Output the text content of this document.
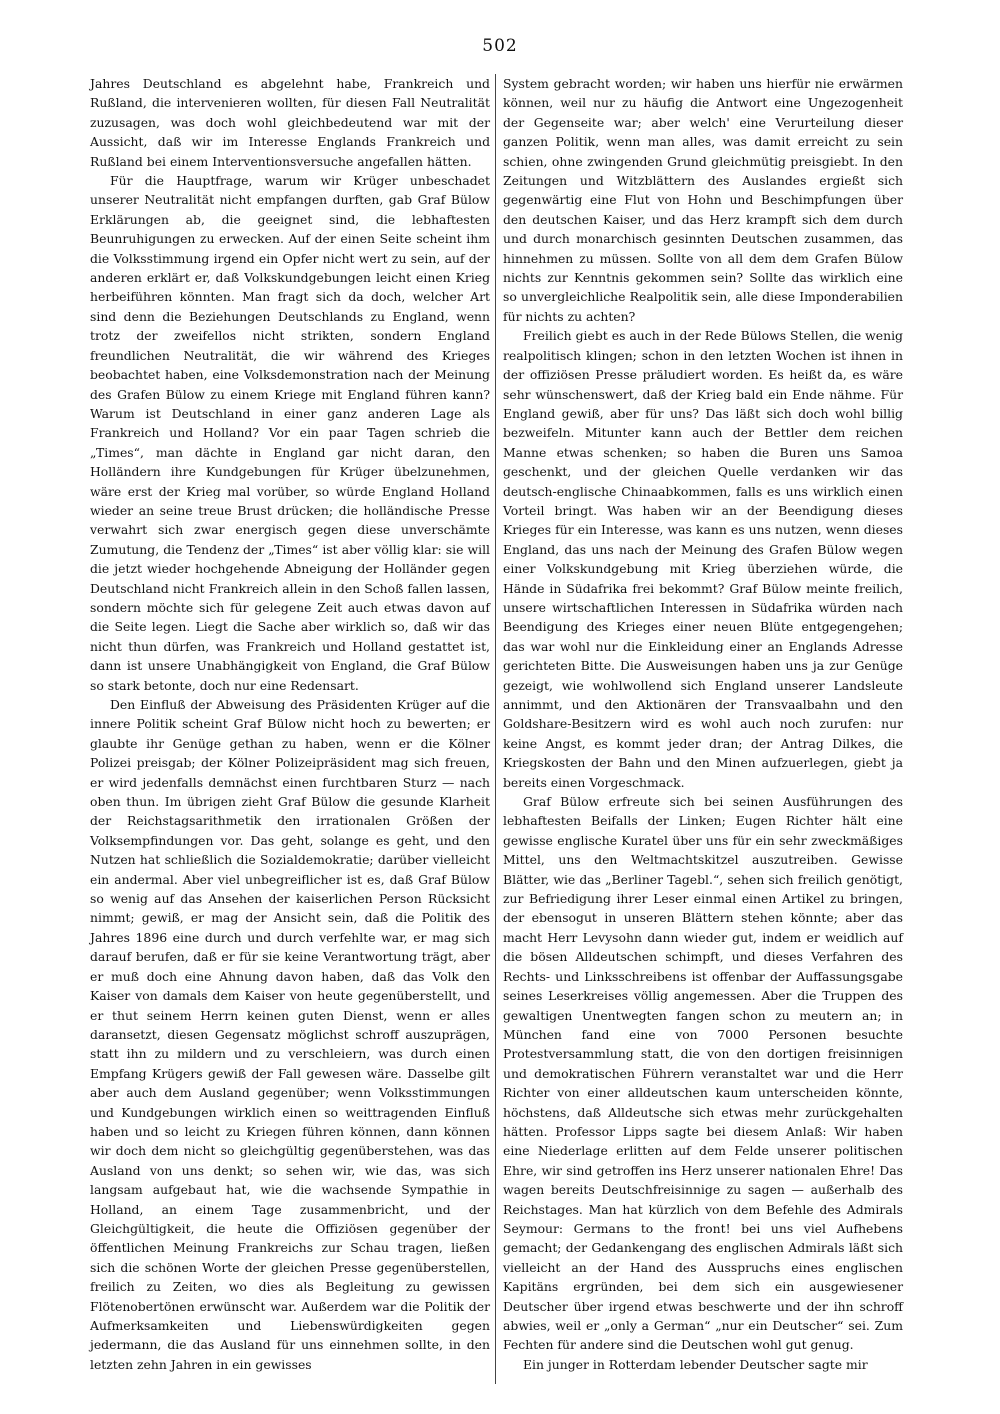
502

Jahres Deutschland es abgelehnt habe, Frankreich und Rußland, die intervenieren wollten, für diesen Fall Neutralität zuzusagen, was doch wohl gleichbedeutend war mit der Aussicht, daß wir im Interesse Englands Frankreich und Rußland bei einem Interventionsversuche angefallen hätten.

Für die Hauptfrage, warum wir Krüger unbeschadet unserer Neutralität nicht empfangen durften, gab Graf Bülow Erklärungen ab, die geeignet sind, die lebhaftesten Beunruhigungen zu erwecken. Auf der einen Seite scheint ihm die Volksstimmung irgend ein Opfer nicht wert zu sein, auf der anderen erklärt er, daß Volkskundgebungen leicht einen Krieg herbeiführen könnten. Man fragt sich da doch, welcher Art sind denn die Beziehungen Deutschlands zu England, wenn trotz der zweifellos nicht strikten, sondern England freundlichen Neutralität, die wir während des Krieges beobachtet haben, eine Volksdemonstration nach der Meinung des Grafen Bülow zu einem Kriege mit England führen kann? Warum ist Deutschland in einer ganz anderen Lage als Frankreich und Holland? Vor ein paar Tagen schrieb die „Times“, man dächte in England gar nicht daran, den Holländern ihre Kundgebungen für Krüger übelzunehmen, wäre erst der Krieg mal vorüber, so würde England Holland wieder an seine treue Brust drücken; die holländische Presse verwahrt sich zwar energisch gegen diese unverschämte Zumutung, die Tendenz der „Times“ ist aber völlig klar: sie will die jetzt wieder hochgehende Abneigung der Holländer gegen Deutschland nicht Frankreich allein in den Schoß fallen lassen, sondern möchte sich für gelegene Zeit auch etwas davon auf die Seite legen. Liegt die Sache aber wirklich so, daß wir das nicht thun dürfen, was Frankreich und Holland gestattet ist, dann ist unsere Unabhängigkeit von England, die Graf Bülow so stark betonte, doch nur eine Redensart.

Den Einfluß der Abweisung des Präsidenten Krüger auf die innere Politik scheint Graf Bülow nicht hoch zu bewerten; er glaubte ihr Genüge gethan zu haben, wenn er die Kölner Polizei preisgab; der Kölner Polizeipräsident mag sich freuen, er wird jedenfalls demnächst einen furchtbaren Sturz — nach oben thun. Im übrigen zieht Graf Bülow die gesunde Klarheit der Reichstagsarithmetik den irrationalen Größen der Volksempfindungen vor. Das geht, solange es geht, und den Nutzen hat schließlich die Sozialdemokratie; darüber vielleicht ein andermal. Aber viel unbegreiflicher ist es, daß Graf Bülow so wenig auf das Ansehen der kaiserlichen Person Rücksicht nimmt; gewiß, er mag der Ansicht sein, daß die Politik des Jahres 1896 eine durch und durch verfehlte war, er mag sich darauf berufen, daß er für sie keine Verantwortung trägt, aber er muß doch eine Ahnung davon haben, daß das Volk den Kaiser von damals dem Kaiser von heute gegenüberstellt, und er thut seinem Herrn keinen guten Dienst, wenn er alles daransetzt, diesen Gegensatz möglichst schroff auszuprägen, statt ihn zu mildern und zu verschleiern, was durch einen Empfang Krügers gewiß der Fall gewesen wäre. Dasselbe gilt aber auch dem Ausland gegenüber; wenn Volksstimmungen und Kundgebungen wirklich einen so weittragenden Einfluß haben und so leicht zu Kriegen führen können, dann können wir doch dem nicht so gleichgültig gegenüberstehen, was das Ausland von uns denkt; so sehen wir, wie das, was sich langsam aufgebaut hat, wie die wachsende Sympathie in Holland, an einem Tage zusammenbricht, und der Gleichgültigkeit, die heute die Offiziösen gegenüber der öffentlichen Meinung Frankreichs zur Schau tragen, ließen sich die schönen Worte der gleichen Presse gegenüberstellen, freilich zu Zeiten, wo dies als Begleitung zu gewissen Flötenobertönen erwünscht war. Außerdem war die Politik der Aufmerksamkeiten und Liebenswürdigkeiten gegen jedermann, die das Ausland für uns einnehmen sollte, in den letzten zehn Jahren in ein gewisses

System gebracht worden; wir haben uns hierfür nie erwärmen können, weil nur zu häufig die Antwort eine Ungezogenheit der Gegenseite war; aber welch' eine Verurteilung dieser ganzen Politik, wenn man alles, was damit erreicht zu sein schien, ohne zwingenden Grund gleichmütig preisgiebt. In den Zeitungen und Witzblättern des Auslandes ergießt sich gegenwärtig eine Flut von Hohn und Beschimpfungen über den deutschen Kaiser, und das Herz krampft sich dem durch und durch monarchisch gesinnten Deutschen zusammen, das hinnehmen zu müssen. Sollte von all dem dem Grafen Bülow nichts zur Kenntnis gekommen sein? Sollte das wirklich eine so unvergleichliche Realpolitik sein, alle diese Imponderabilien für nichts zu achten?

Freilich giebt es auch in der Rede Bülows Stellen, die wenig realpolitisch klingen; schon in den letzten Wochen ist ihnen in der offiziösen Presse präludiert worden. Es heißt da, es wäre sehr wünschenswert, daß der Krieg bald ein Ende nähme. Für England gewiß, aber für uns? Das läßt sich doch wohl billig bezweifeln. Mitunter kann auch der Bettler dem reichen Manne etwas schenken; so haben die Buren uns Samoa geschenkt, und der gleichen Quelle verdanken wir das deutsch-englische Chinaabkommen, falls es uns wirklich einen Vorteil bringt. Was haben wir an der Beendigung dieses Krieges für ein Interesse, was kann es uns nutzen, wenn dieses England, das uns nach der Meinung des Grafen Bülow wegen einer Volkskundgebung mit Krieg überziehen würde, die Hände in Südafrika frei bekommt? Graf Bülow meinte freilich, unsere wirtschaftlichen Interessen in Südafrika würden nach Beendigung des Krieges einer neuen Blüte entgegengehen; das war wohl nur die Einkleidung einer an Englands Adresse gerichteten Bitte. Die Ausweisungen haben uns ja zur Genüge gezeigt, wie wohlwollend sich England unserer Landsleute annimmt, und den Aktionären der Transvaalbahn und den Goldshare-Besitzern wird es wohl auch noch zurufen: nur keine Angst, es kommt jeder dran; der Antrag Dilkes, die Kriegskosten der Bahn und den Minen aufzuerlegen, giebt ja bereits einen Vorgeschmack.

Graf Bülow erfreute sich bei seinen Ausführungen des lebhaftesten Beifalls der Linken; Eugen Richter hält eine gewisse englische Kuratel über uns für ein sehr zweckmäßiges Mittel, uns den Weltmachtskitzel auszutreiben. Gewisse Blätter, wie das „Berliner Tagebl.“, sehen sich freilich genötigt, zur Befriedigung ihrer Leser einmal einen Artikel zu bringen, der ebensogut in unseren Blättern stehen könnte; aber das macht Herr Levysohn dann wieder gut, indem er weidlich auf die bösen Alldeutschen schimpft, und dieses Verfahren des Rechts- und Linksschreibens ist offenbar der Auffassungsgabe seines Leserkreises völlig angemessen. Aber die Truppen des gewaltigen Unentwegten fangen schon zu meutern an; in München fand eine von 7000 Personen besuchte Protestversammlung statt, die von den dortigen freisinnigen und demokratischen Führern veranstaltet war und die Herr Richter von einer alldeutschen kaum unterscheiden könnte, höchstens, daß Alldeutsche sich etwas mehr zurückgehalten hätten. Professor Lipps sagte bei diesem Anlaß: Wir haben eine Niederlage erlitten auf dem Felde unserer politischen Ehre, wir sind getroffen ins Herz unserer nationalen Ehre! Das wagen bereits Deutschfreisinnige zu sagen — außerhalb des Reichstages. Man hat kürzlich von dem Befehle des Admirals Seymour: Germans to the front! bei uns viel Aufhebens gemacht; der Gedankengang des englischen Admirals läßt sich vielleicht an der Hand des Ausspruchs eines englischen Kapitäns ergründen, bei dem sich ein ausgewiesener Deutscher über irgend etwas beschwerte und der ihn schroff abwies, weil er „only a German“ „nur ein Deutscher“ sei. Zum Fechten für andere sind die Deutschen wohl gut genug.

Ein junger in Rotterdam lebender Deutscher sagte mir
